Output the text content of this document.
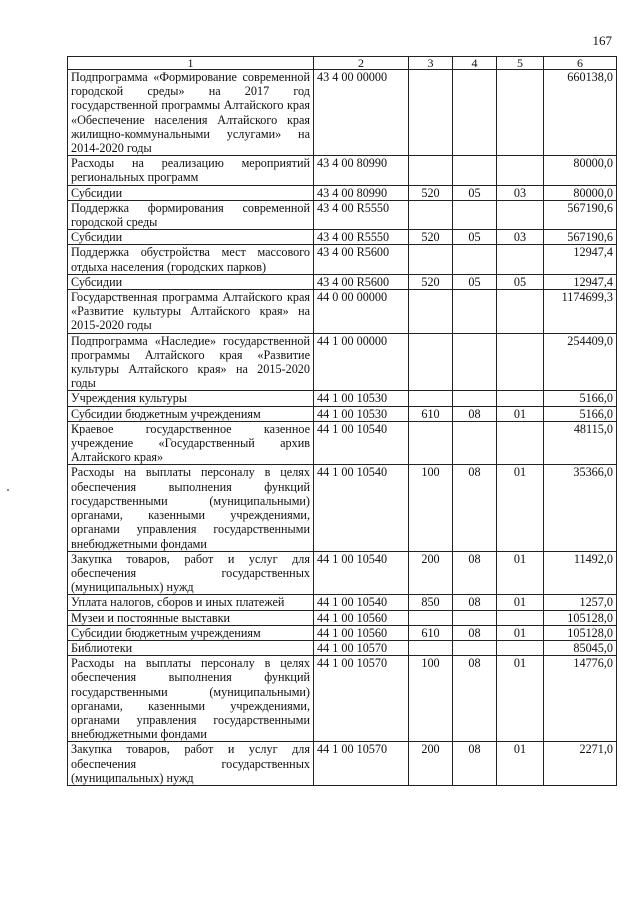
167
1	2	3	4	5	6
Подпрограмма «Формирование современной городской среды» на 2017 год государственной программы Алтайского края «Обеспечение населения Алтайского края жилищно-коммунальными услугами» на 2014-2020 годы	43 4 00 00000				660138,0
Расходы на реализацию мероприятий региональных программ	43 4 00 80990				80000,0
Субсидии	43 4 00 80990	520	05	03	80000,0
Поддержка формирования современной городской среды	43 4 00 R5550				567190,6
Субсидии	43 4 00 R5550	520	05	03	567190,6
Поддержка обустройства мест массового отдыха населения (городских парков)	43 4 00 R5600				12947,4
Субсидии	43 4 00 R5600	520	05	05	12947,4
Государственная программа Алтайского края «Развитие культуры Алтайского края» на 2015-2020 годы	44 0 00 00000				1174699,3
Подпрограмма «Наследие» государственной программы Алтайского края «Развитие культуры Алтайского края» на 2015-2020 годы	44 1 00 00000				254409,0
Учреждения культуры	44 1 00 10530				5166,0
Субсидии бюджетным учреждениям	44 1 00 10530	610	08	01	5166,0
Краевое государственное казенное учреждение «Государственный архив Алтайского края»	44 1 00 10540				48115,0
Расходы на выплаты персоналу в целях обеспечения выполнения функций государственными (муниципальными) органами, казенными учреждениями, органами управления государственными внебюджетными фондами	44 1 00 10540	100	08	01	35366,0
Закупка товаров, работ и услуг для обеспечения государственных (муниципальных) нужд	44 1 00 10540	200	08	01	11492,0
Уплата налогов, сборов и иных платежей	44 1 00 10540	850	08	01	1257,0
Музеи и постоянные выставки	44 1 00 10560				105128,0
Субсидии бюджетным учреждениям	44 1 00 10560	610	08	01	105128,0
Библиотеки	44 1 00 10570				85045,0
Расходы на выплаты персоналу в целях обеспечения выполнения функций государственными (муниципальными) органами, казенными учреждениями, органами управления государственными внебюджетными фондами	44 1 00 10570	100	08	01	14776,0
Закупка товаров, работ и услуг для обеспечения государственных (муниципальных) нужд	44 1 00 10570	200	08	01	2271,0
